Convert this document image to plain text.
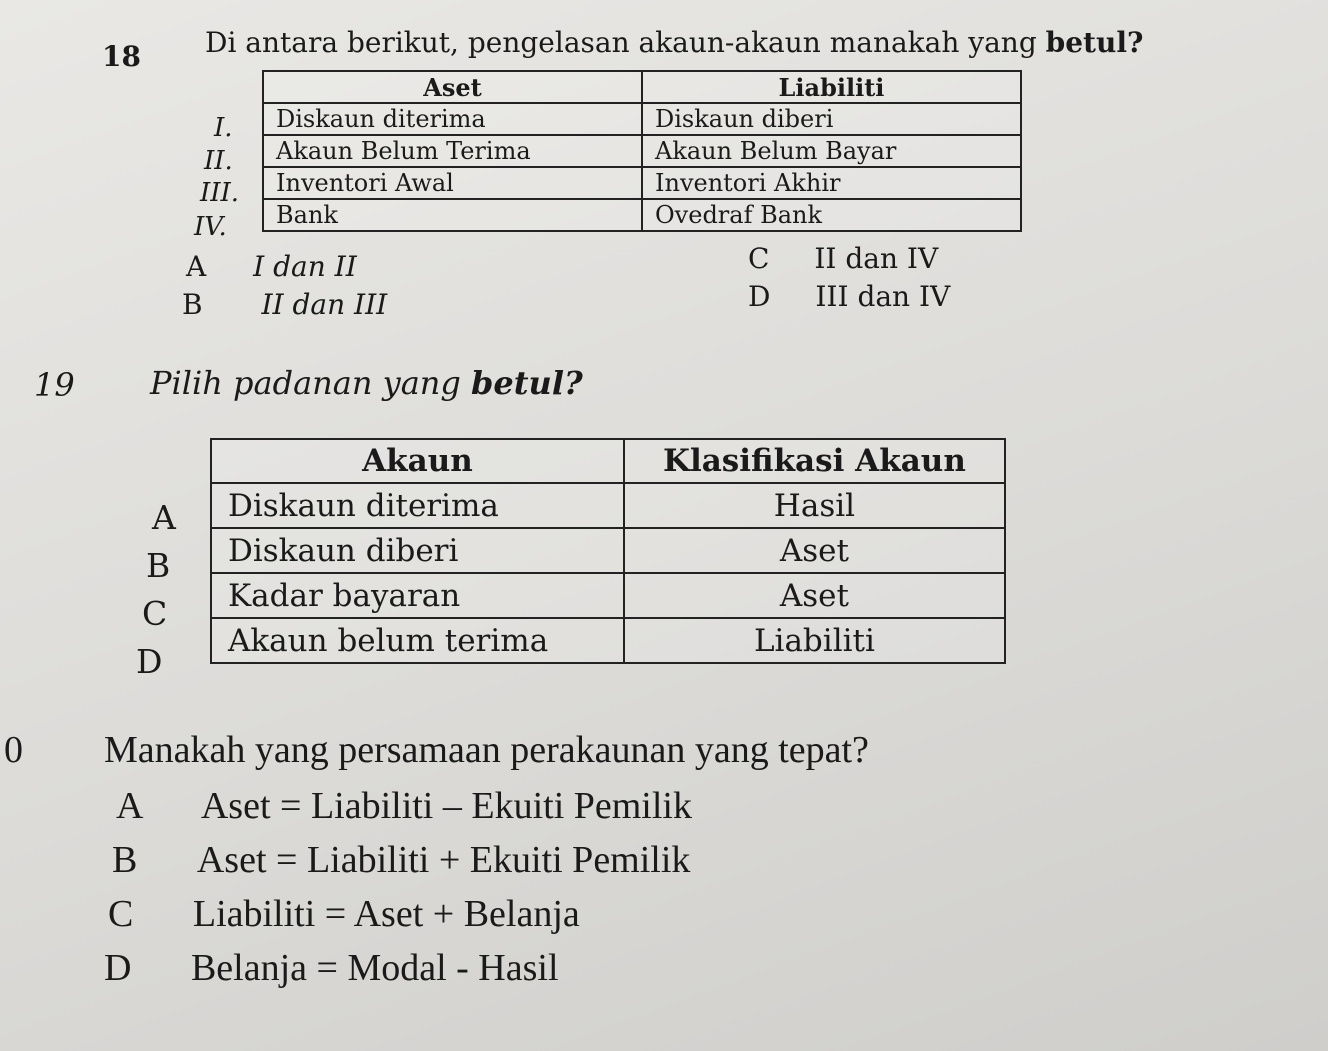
18 Di antara berikut, pengelasan akaun-akaun manakah yang betul?
I.
II.
III.
IV.
Aset	Liabiliti
Diskaun diterima	Diskaun diberi
Akaun Belum Terima	Akaun Belum Bayar
Inventori Awal	Inventori Akhir
Bank	Ovedraf Bank
A I dan II
B II dan III
C II dan IV
D III dan IV
19 Pilih padanan yang betul?
A
B
C
D
Akaun	Klasifikasi Akaun
Diskaun diterima	Hasil
Diskaun diberi	Aset
Kadar bayaran	Aset
Akaun belum terima	Liabiliti
0 Manakah yang persamaan perakaunan yang tepat?
A Aset = Liabiliti – Ekuiti Pemilik
B Aset = Liabiliti + Ekuiti Pemilik
C Liabiliti = Aset + Belanja
D Belanja = Modal - Hasil
